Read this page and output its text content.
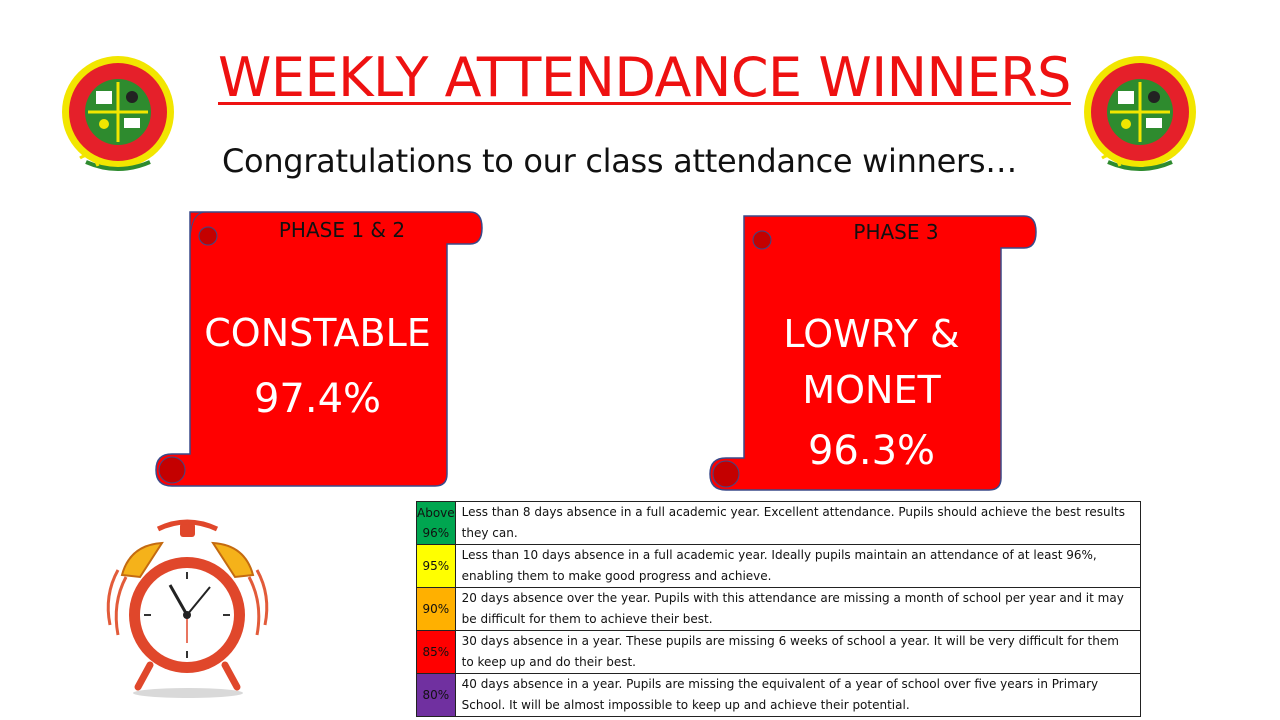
WEEKLY ATTENDANCE WINNERS
Congratulations to our class attendance winners…
PHASE 1 & 2
CONSTABLE
97.4%
PHASE 3
LOWRY &
MONET
96.3%
Above 96%	Less than 8 days absence in a full academic year. Excellent attendance. Pupils should achieve the best results they can.
95%	Less than 10 days absence in a full academic year. Ideally pupils maintain an attendance of at least 96%, enabling them to make good progress and achieve.
90%	20 days absence over the year. Pupils with this attendance are missing a month of school per year and it may be difficult for them to achieve their best.
85%	30 days absence in a year. These pupils are missing 6 weeks of school a year. It will be very difficult for them to keep up and do their best.
80%	40 days absence in a year. Pupils are missing the equivalent of a year of school over five years in Primary School. It will be almost impossible to keep up and achieve their potential.
